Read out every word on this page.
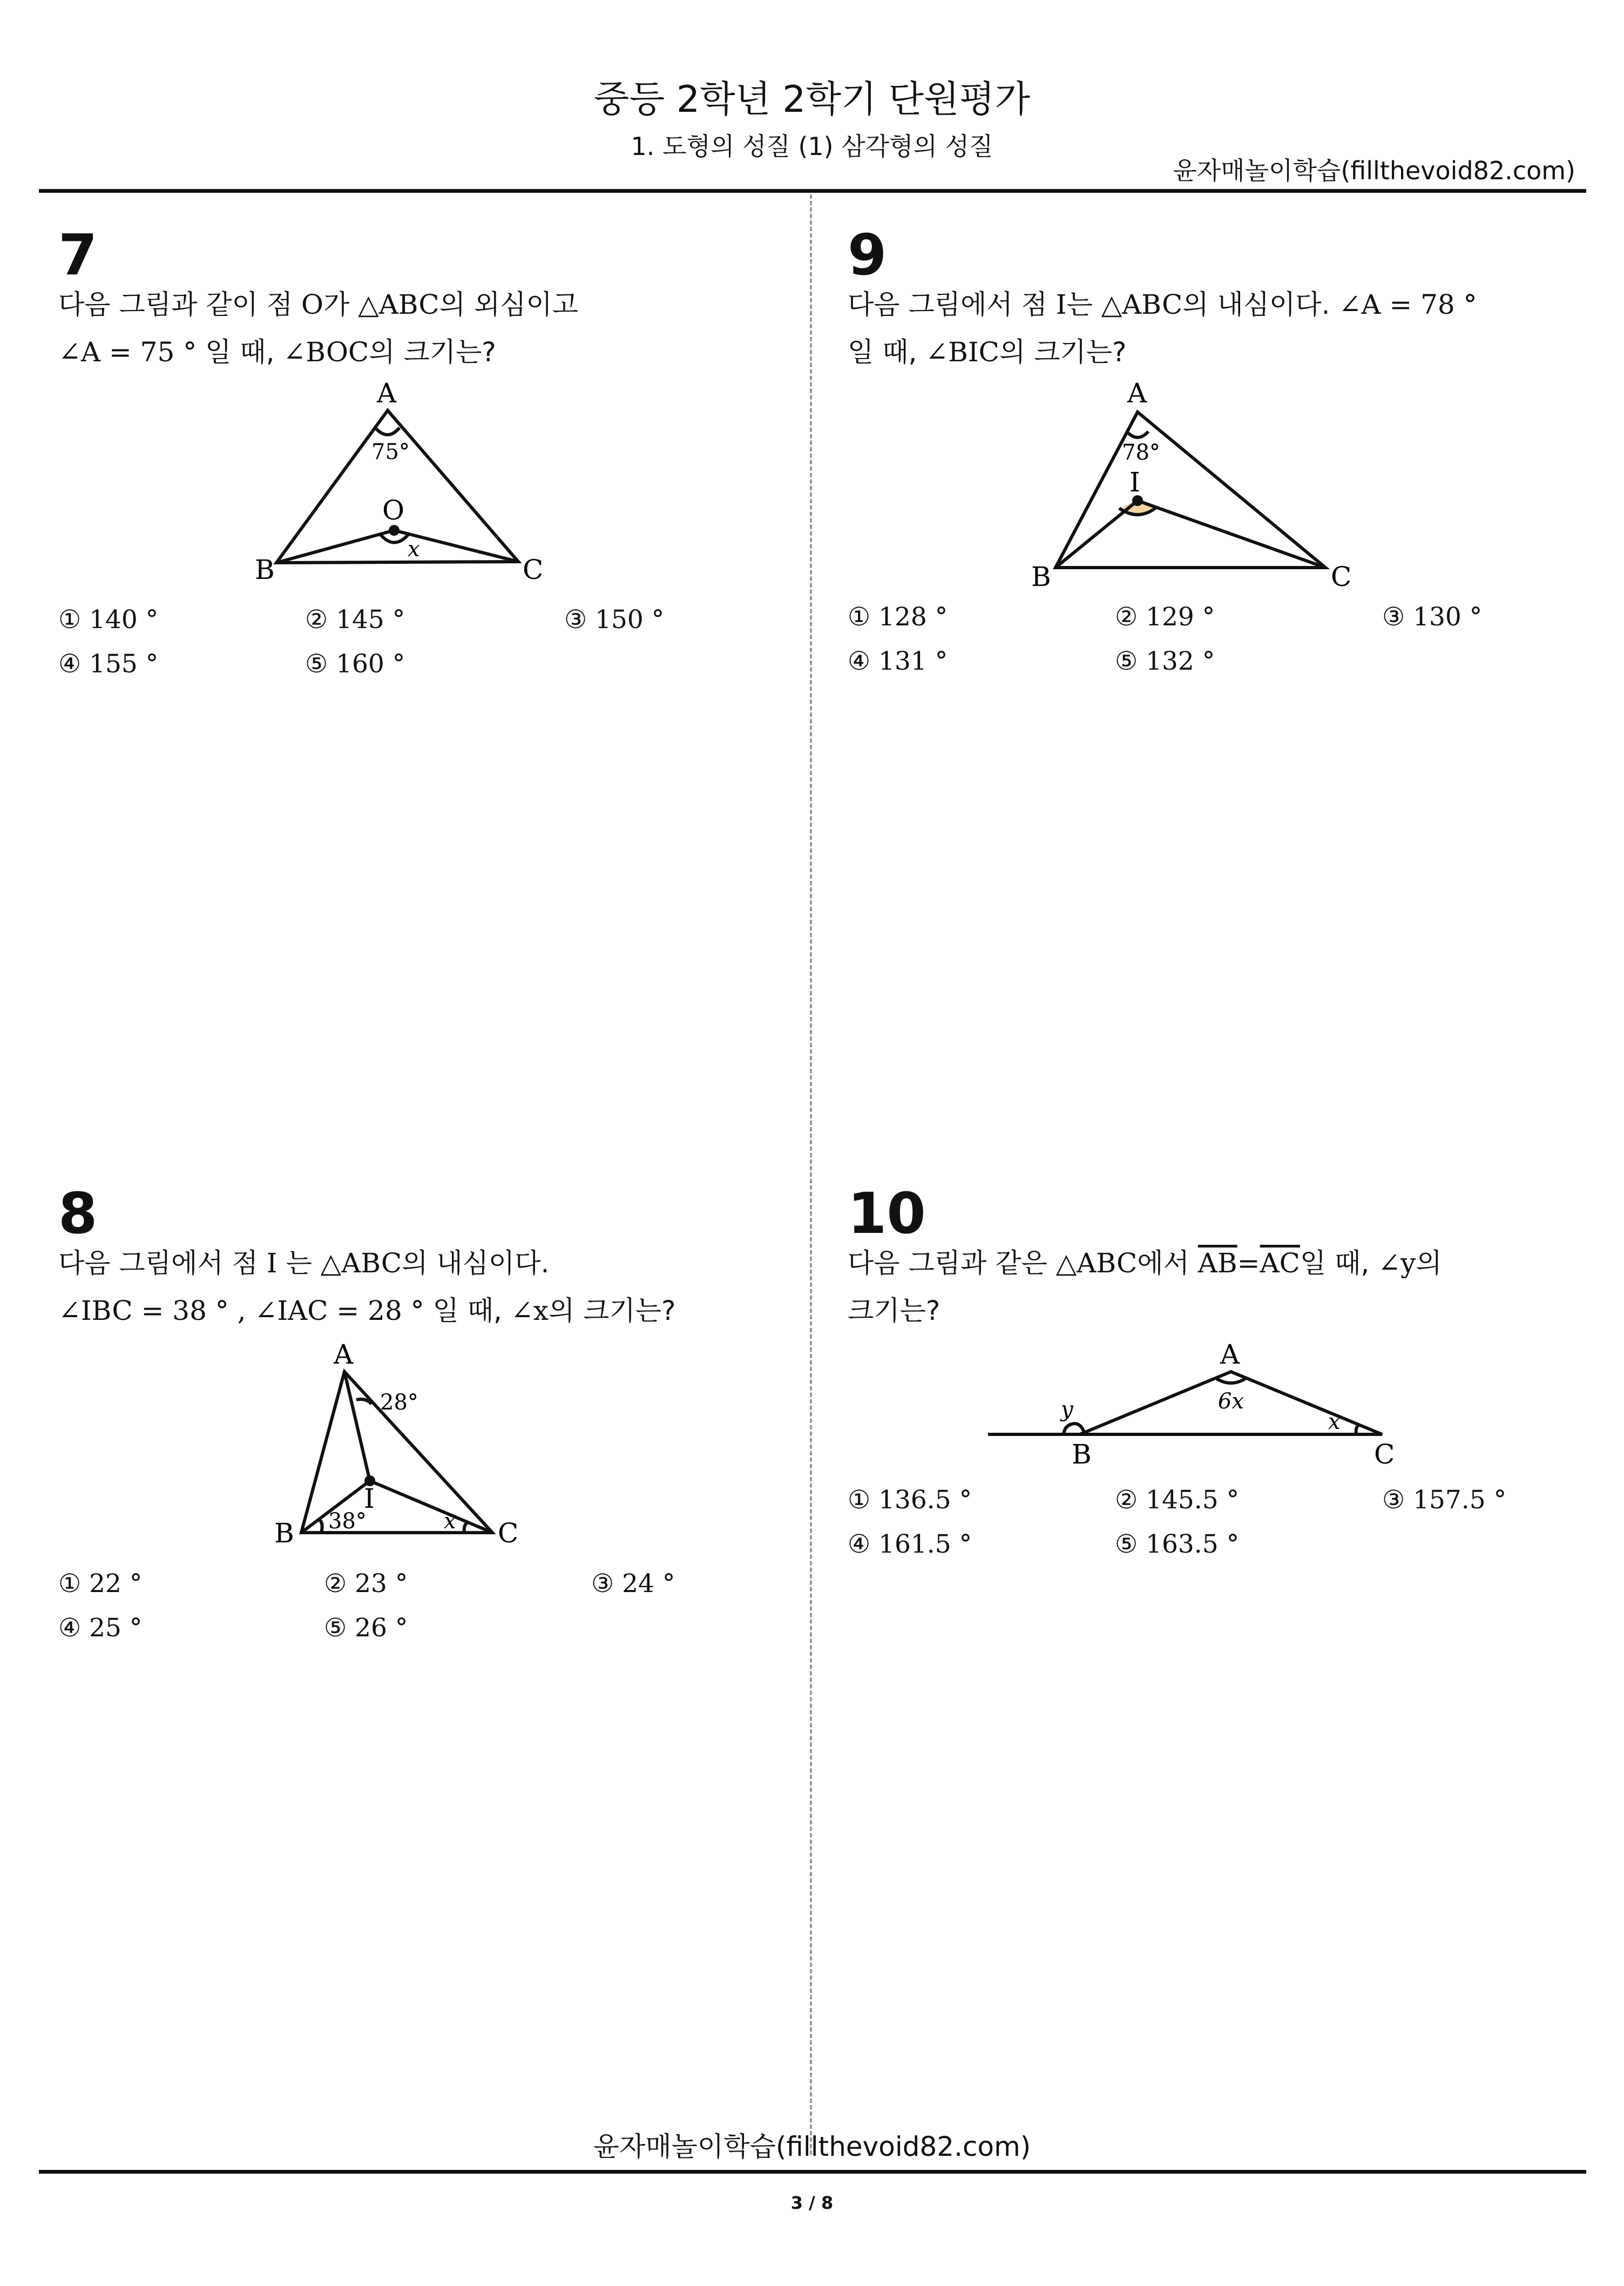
중등 2학년 2학기 단원평가
1. 도형의 성질 (1) 삼각형의 성질
윤자매놀이학습(fillthevoid82.com)
7
다음 그림과 같이 점 O가 △ABC의 외심이고
∠A = 75 ° 일 때, ∠BOC의 크기는?
A
B	C
O
75°
x
① 140 °	② 145 °	③ 150 °
④ 155 °	⑤ 160 °
9
다음 그림에서 점 I는 △ABC의 내심이다. ∠A = 78 °
일 때, ∠BIC의 크기는?
A
B	C
I
78°
① 128 °	② 129 °	③ 130 °
④ 131 °	⑤ 132 °
8
다음 그림에서 점 I 는 △ABC의 내심이다.
∠IBC = 38 ° , ∠IAC = 28 ° 일 때, ∠x의 크기는?
A
B	C
I
28°
38°	x
① 22 °	② 23 °	③ 24 °
④ 25 °	⑤ 26 °
10
다음 그림과 같은 △ABC에서 $\overline{AB}=\overline{AC}$일 때, ∠y의
크기는?
A
B	C
6x
x
y
① 136.5 °	② 145.5 °	③ 157.5 °
④ 161.5 °	⑤ 163.5 °
윤자매놀이학습(fillthevoid82.com)
3 / 8
